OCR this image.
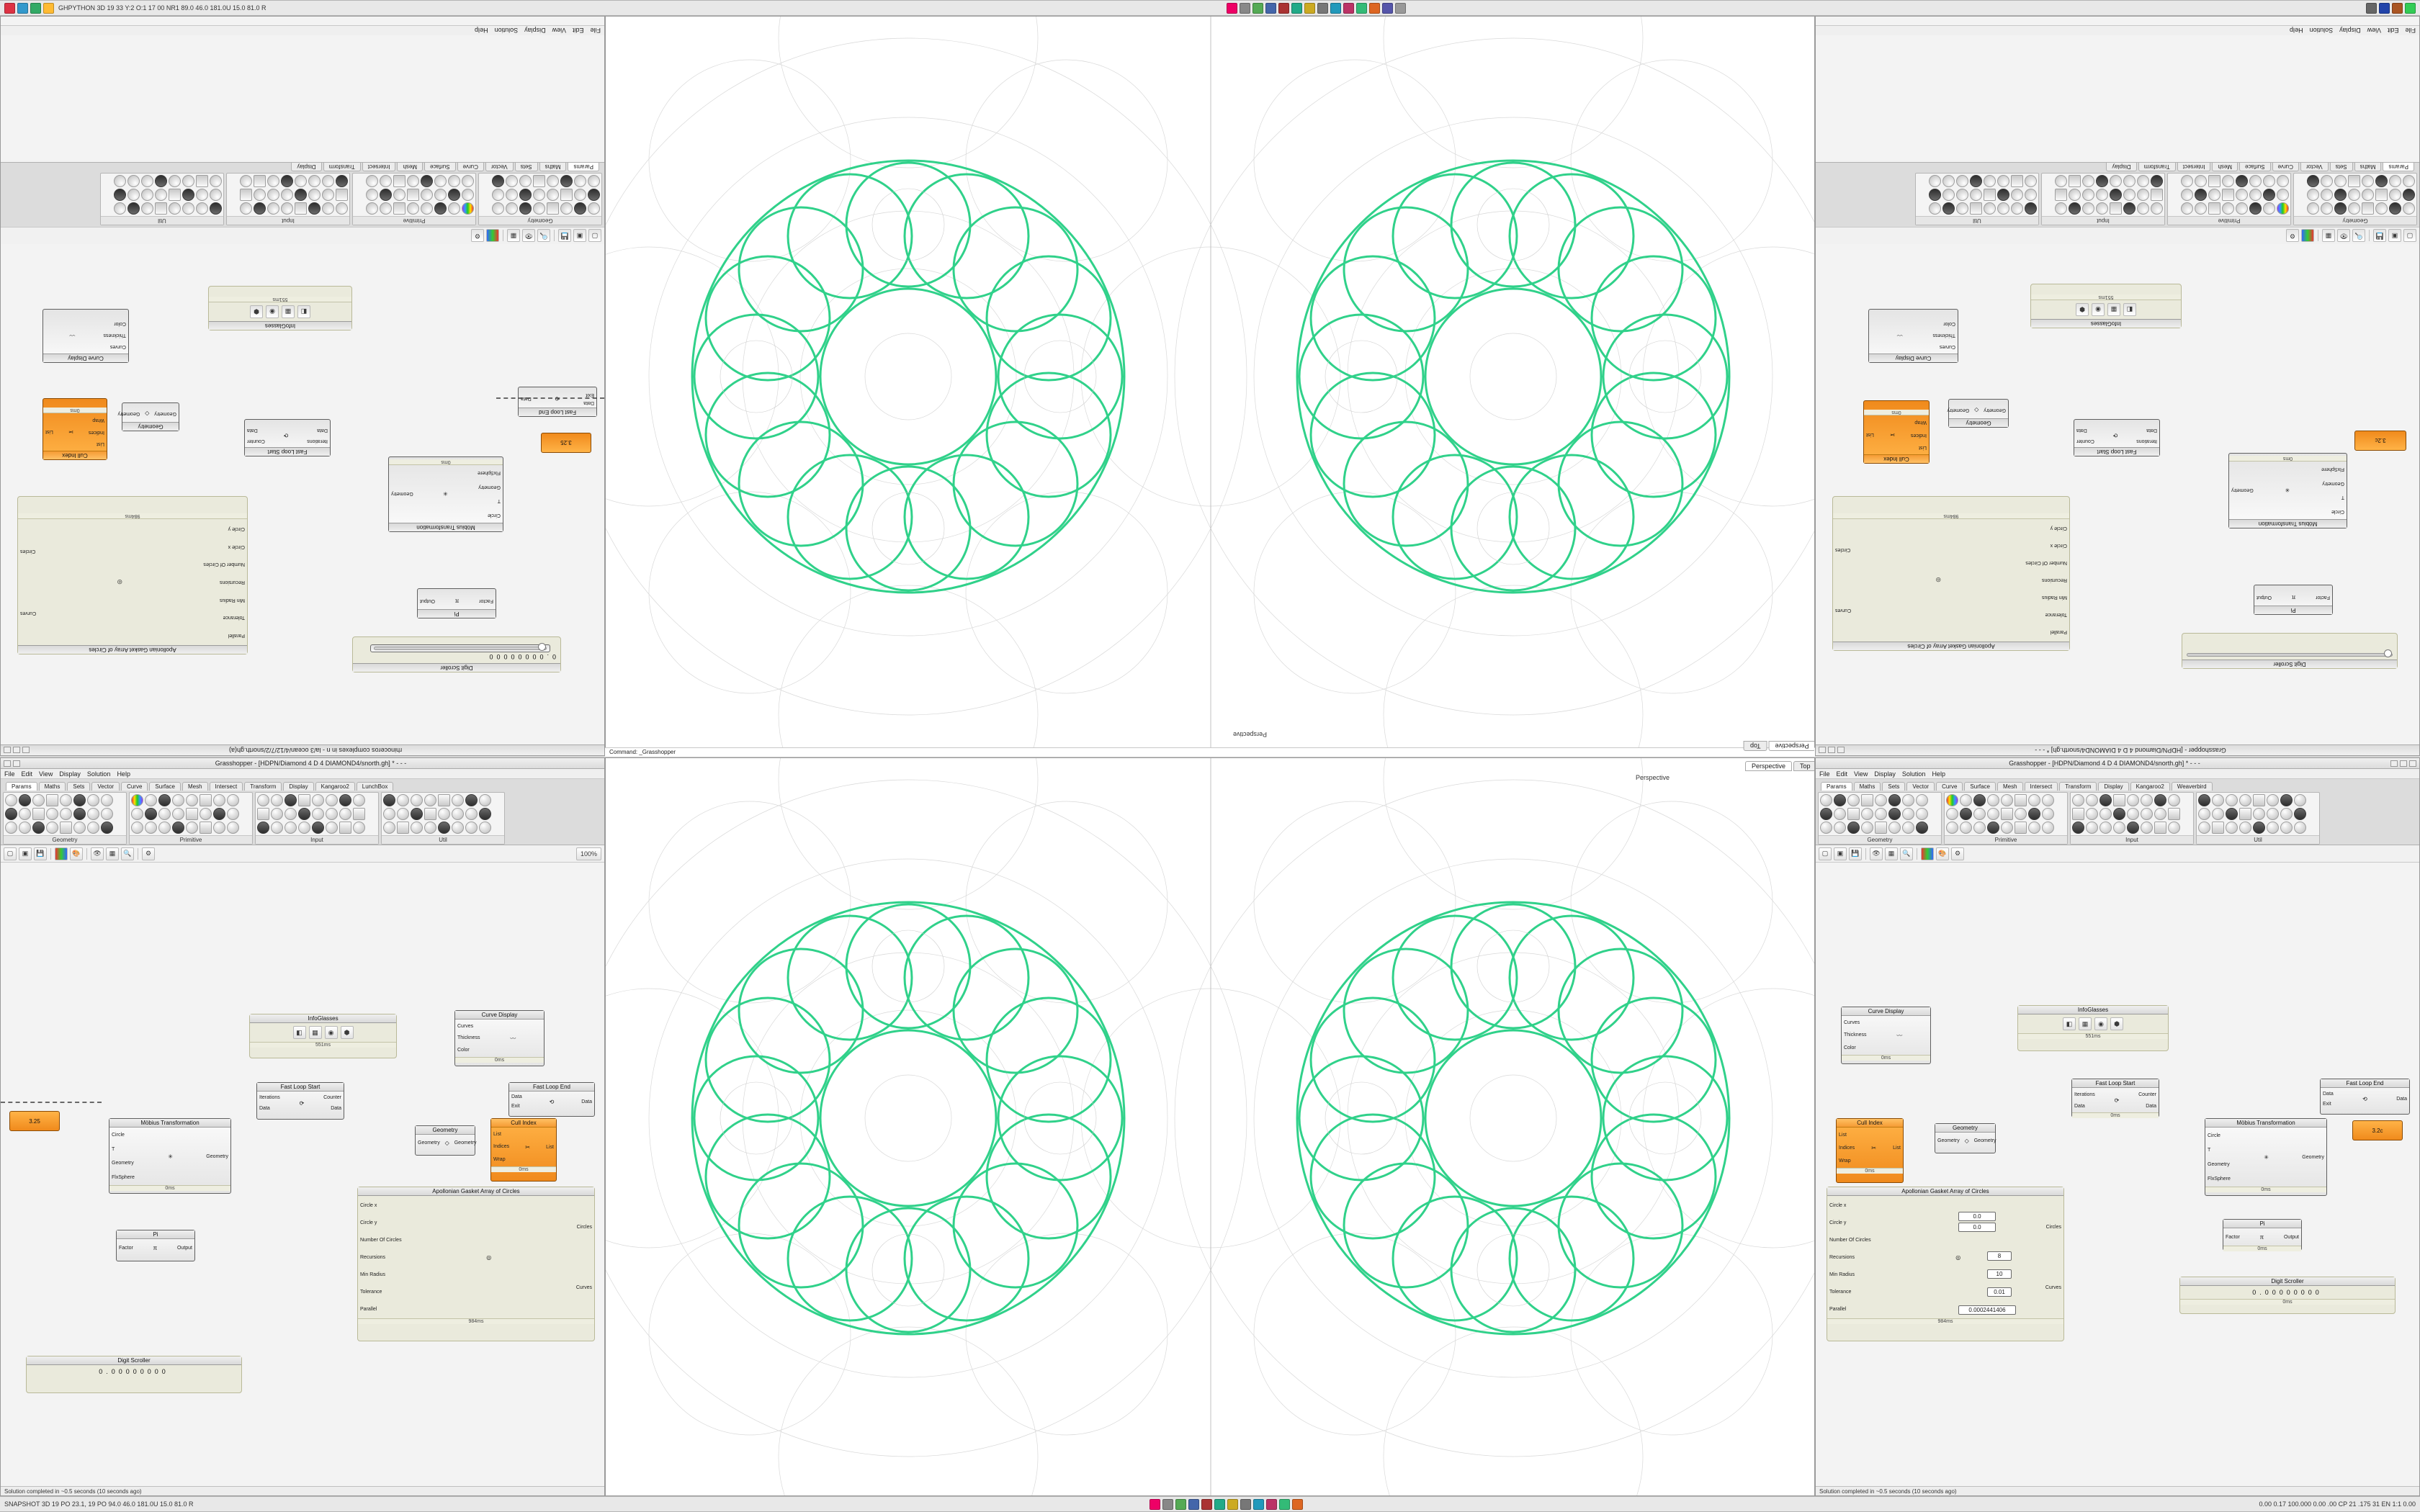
GHPYTHON 3D 19 33 Y:2 O:1 17 00 NR1 89.0 46.0 181.0U 15.0 81.0 R
SNAPSHOT 3D 19 PO 23.1, 19 PO 94.0 46.0 181.0U 15.0 81.0 R	0.00 0.17 100.000 0.00 .00 CP 21 .175 31 EN 1:1 0.00
rhinoceros complexes in n - la/3 ocean/4/12/7/2/snorth.gh(a)
Digit Scroller
0.00000000
Pi
Factor
π
Output
Möbius Transformation
Circle
T
Geometry
FlxSphere
✳
Geometry
0ms
Fast Loop Start
Iterations
Data
⟳
Counter
Data
Fast Loop End
Data
Exit
⟲
Data
3.25
Apollonian Gasket Array of Circles
Parallel
Tolerance
Min Radius
Recursions
Number Of Circles
Circle x
Circle y
◎
Curves
Circles
984ms
Cull Index
List
Indices
Wrap
✂
List
0ms
Geometry
Geometry
◇
Geometry
Curve Display
Curves
Thickness
Color
〰
InfoGlasses
◧
▦
◉
⬢
551ms
▢
▣
💾
🔍
👁
▦
⚙
Geometry
Primitive
Input
Util
Params
Maths
Sets
Vector
Curve
Surface
Mesh
Intersect
Transform
Display
File
Edit
View
Display
Solution
Help
Grasshopper - [HDPN/Diamond 4 D 4 DIAMOND4/snorth.gh] * - - -
Digit Scroller
Pi
Factor
π
Output
Möbius Transformation
Circle
T
Geometry
FlxSphere
✳
Geometry
0ms
3.2c
Fast Loop Start
Iterations
Data
⟳
Counter
Data
Apollonian Gasket Array of Circles
Parallel
Tolerance
Min Radius
Recursions
Number Of Circles
Circle x
Circle y
◎
Curves
Circles
984ms
Cull Index
List
Indices
Wrap
✂
List
0ms
Geometry
Geometry
◇
Geometry
Curve Display
Curves
Thickness
Color
〰
InfoGlasses
◧
▦
◉
⬢
551ms
▢
▣
💾
🔍
👁
▦
⚙
Geometry
Primitive
Input
Util
Params
Maths
Sets
Vector
Curve
Surface
Mesh
Intersect
Transform
Display
File
Edit
View
Display
Solution
Help
Grasshopper - [HDPN/Diamond 4 D 4 DIAMOND4/snorth.gh] * - - -
File Edit View Display Solution Help
Params	Maths	Sets	Vector	Curve	Surface	Mesh	Intersect	Transform	Display	Kangaroo2	LunchBox
Geometry	Primitive	Input	Util
▢	▣	💾	🎨	👁	▦	🔍	⚙	100%
InfoGlasses
◧	▦	◉	⬢
551ms
Curve Display
Curves
Thickness
Color
〰
0ms
Fast Loop Start
Iterations
Data
⟳
Counter
Data
Fast Loop End
Data
Exit
⟲	Data
3.25	Möbius Transformation
Circle
T
Geometry
FlxSphere
✳	Geometry
0ms
Cull Index
List
Indices
Wrap
✂	List
0ms
Geometry
Geometry ◇ Geometry
Pi
Factor	π	Output
Apollonian Gasket Array of Circles
Circle x
Circle y
Number Of Circles
Recursions
Min Radius
Tolerance
Parallel
◎
Circles
Curves
984ms
Digit Scroller
0.00000000
Solution completed in ~0.5 seconds (10 seconds ago)
Grasshopper - [HDPN/Diamond 4 D 4 DIAMOND4/snorth.gh] * - - -
File Edit View Display Solution Help
Params	Maths	Sets	Vector	Curve	Surface	Mesh	Intersect	Transform	Display	Kangaroo2	Weaverbird
Geometry	Primitive	Input	Util
▢	▣	💾	👁	▦	🔍	🎨	⚙
Curve Display
Curves
Thickness
Color
〰
0ms
InfoGlasses
◧	▦	◉	⬢
551ms
Fast Loop Start
Iterations
Data
⟳
Counter
Data
0ms
Fast Loop End
Data
Exit
⟲	Data
3.2c
Cull Index
List
Indices
Wrap
✂	List
0ms
Geometry
Geometry ◇ Geometry
Möbius Transformation
Circle
T
Geometry
FlxSphere
✳	Geometry
0ms
Apollonian Gasket Array of Circles
Circle x
Circle y
Number Of Circles
Recursions
Min Radius
Tolerance
Parallel
◎
Circles
Curves
984ms
0.0
0.0
8
10
0.01
0.0002441406
Pi
Factor	π	Output
0ms
Digit Scroller
0.00000000
0ms
Solution completed in ~0.5 seconds (10 seconds ago)
Perspective
Top
Perspective
Perspective	Top
Perspective
Command: _Grasshopper
